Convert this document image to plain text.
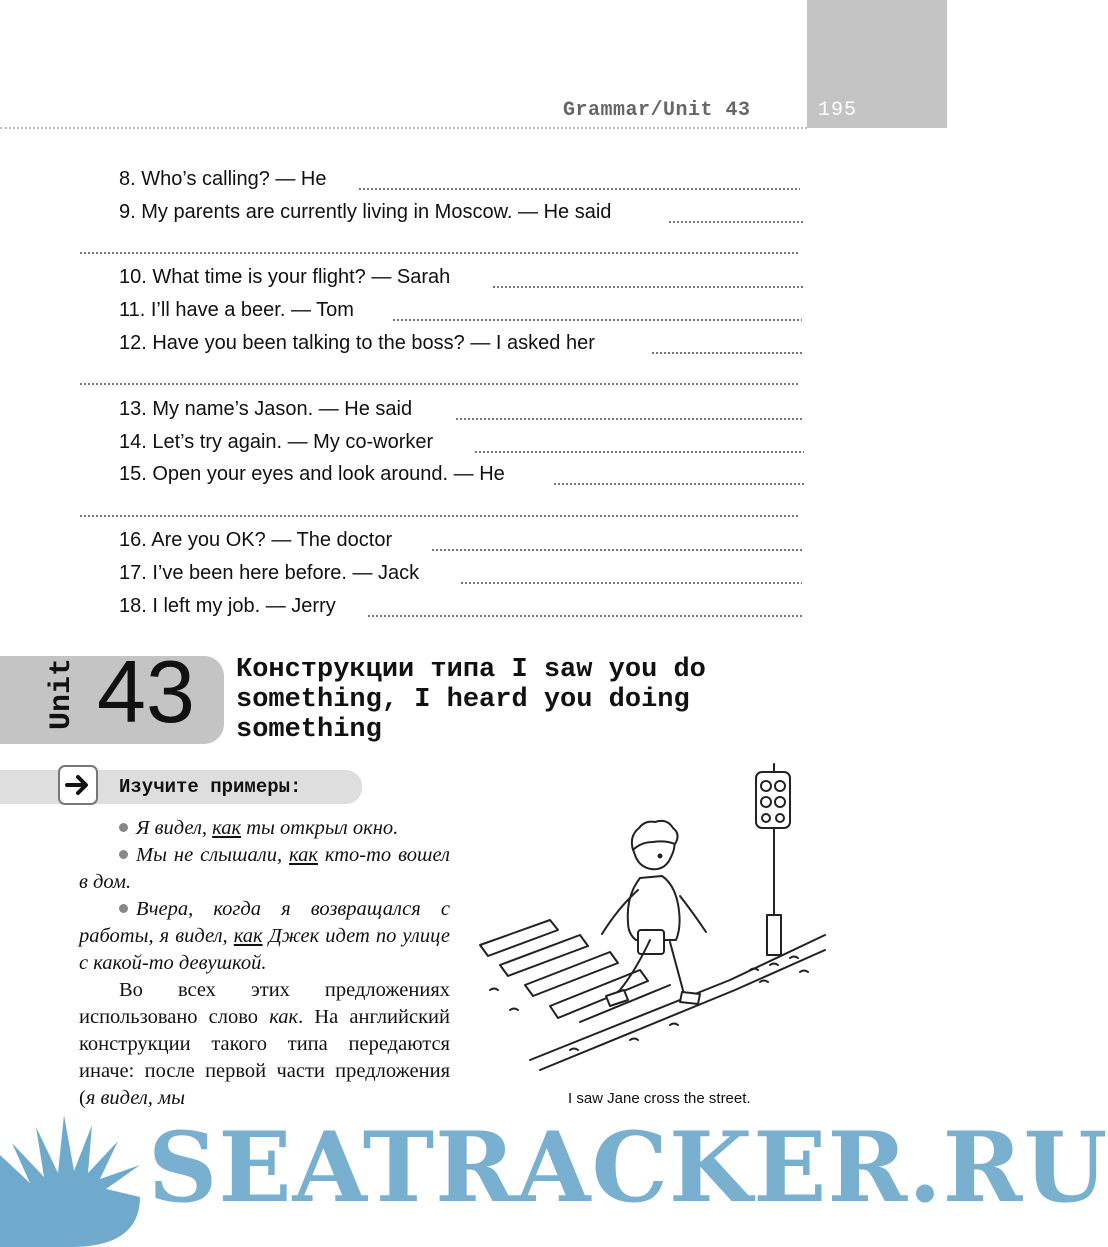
195
Grammar/Unit 43
8. Who’s calling? — He
9. My parents are currently living in Moscow. — He said
10. What time is your flight? — Sarah
11. I’ll have a beer. — Tom
12. Have you been talking to the boss? — I asked her
13. My name’s Jason. — He said
14. Let’s try again. — My co-worker
15. Open your eyes and look around. — He
16. Are you OK? — The doctor
17. I’ve been here before. — Jack
18. I left my job. — Jerry
Unit 43 Конструкции типа I saw you do something, I heard you doing something
Изучите примеры:

Я видел, как ты открыл окно.

Мы не слышали, как кто-то вошел в дом.

Вчера, когда я возвращался с работы, я видел, как Джек идет по улице с какой-то девушкой.

Во всех этих предложениях использовано слово как. На английский конструкции такого типа передаются иначе: после первой части предложения (я видел, мы	I saw Jane cross the street.
SEATRACKER.RU
